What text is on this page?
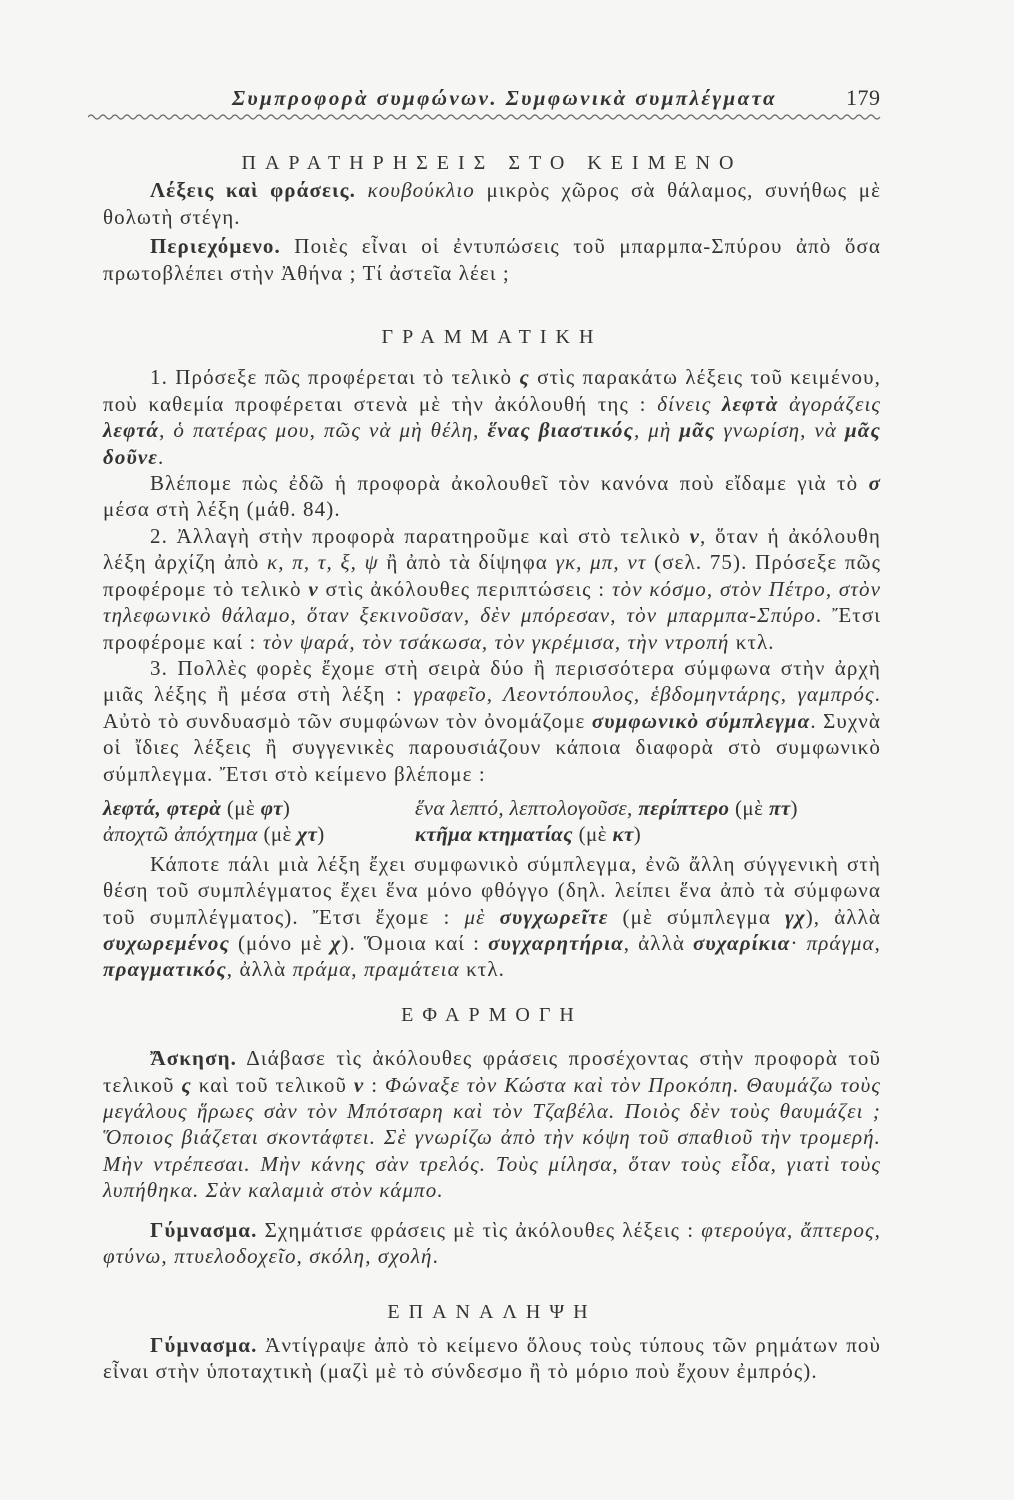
Συμπροφορὰ συμφώνων. Συμφωνικὰ συμπλέγματα	179
ΠΑΡΑΤΗΡΗΣΕΙΣ ΣΤΟ ΚΕΙΜΕΝΟ

Λέξεις καὶ φράσεις. κουβούκλιο μικρὸς χῶρος σὰ θάλαμος, συνήθως μὲ θολωτὴ στέγη.

Περιεχόμενο. Ποιὲς εἶναι οἱ ἐντυπώσεις τοῦ μπαρμπα-Σπύρου ἀπὸ ὅσα πρωτοβλέπει στὴν Ἀθήνα ; Τί ἀστεῖα λέει ;

ΓΡΑΜΜΑΤΙΚΗ

1. Πρόσεξε πῶς προφέρεται τὸ τελικὸ ς στὶς παρακάτω λέξεις τοῦ κειμένου, ποὺ καθεμία προφέρεται στενὰ μὲ τὴν ἀκόλουθή της : δίνεις λεφτὰ ἀγοράζεις λεφτά, ὁ πατέρας μου, πῶς νὰ μὴ θέλη, ἕνας βιαστικός, μὴ μᾶς γνωρίση, νὰ μᾶς δοῦνε.

Βλέπομε πὼς ἐδῶ ἡ προφορὰ ἀκολουθεῖ τὸν κανόνα ποὺ εἴδαμε γιὰ τὸ σ μέσα στὴ λέξη (μάθ. 84).

2. Ἀλλαγὴ στὴν προφορὰ παρατηροῦμε καὶ στὸ τελικὸ ν, ὅταν ἡ ἀκόλουθη λέξη ἀρχίζη ἀπὸ κ, π, τ, ξ, ψ ἢ ἀπὸ τὰ δίψηφα γκ, μπ, ντ (σελ. 75). Πρόσεξε πῶς προφέρομε τὸ τελικὸ ν στὶς ἀκόλουθες περιπτώσεις : τὸν κόσμο, στὸν Πέτρο, στὸν τηλεφωνικὸ θάλαμο, ὅταν ξεκινοῦσαν, δὲν μπόρεσαν, τὸν μπαρμπα-Σπύρο. Ἔτσι προφέρομε καί : τὸν ψαρά, τὸν τσάκωσα, τὸν γκρέμισα, τὴν ντροπή κτλ.

3. Πολλὲς φορὲς ἔχομε στὴ σειρὰ δύο ἢ περισσότερα σύμφωνα στὴν ἀρχὴ μιᾶς λέξης ἢ μέσα στὴ λέξη : γραφεῖο, Λεοντόπουλος, ἑβδομηντάρης, γαμπρός. Αὐτὸ τὸ συνδυασμὸ τῶν συμφώνων τὸν ὀνομάζομε συμφωνικὸ σύμπλεγμα. Συχνὰ οἱ ἴδιες λέξεις ἢ συγγενικὲς παρουσιάζουν κάποια διαφορὰ στὸ συμφωνικὸ σύμπλεγμα. Ἔτσι στὸ κείμενο βλέπομε :

λεφτά, φτερὰ (μὲ φτ)	ἕνα λεπτό, λεπτολογοῦσε, περίπτερο (μὲ πτ)
ἀποχτῶ ἀπόχτημα (μὲ χτ)	κτῆμα κτηματίας (μὲ κτ)

Κάποτε πάλι μιὰ λέξη ἔχει συμφωνικὸ σύμπλεγμα, ἐνῶ ἄλλη σύγγενικὴ στὴ θέση τοῦ συμπλέγματος ἔχει ἕνα μόνο φθόγγο (δηλ. λείπει ἕνα ἀπὸ τὰ σύμφωνα τοῦ συμπλέγματος). Ἔτσι ἔχομε : μὲ συγχωρεῖτε (μὲ σύμπλεγμα γχ), ἀλλὰ συχωρεμένος (μόνο μὲ χ). Ὅμοια καί : συγχαρητήρια, ἀλλὰ συχαρίκια· πράγμα, πραγματικός, ἀλλὰ πράμα, πραμάτεια κτλ.

ΕΦΑΡΜΟΓΗ

Ἄσκηση. Διάβασε τὶς ἀκόλουθες φράσεις προσέχοντας στὴν προφορὰ τοῦ τελικοῦ ς καὶ τοῦ τελικοῦ ν : Φώναξε τὸν Κώστα καὶ τὸν Προκόπη. Θαυμάζω τοὺς μεγάλους ἥρωες σὰν τὸν Μπότσαρη καὶ τὸν Τζαβέλα. Ποιὸς δὲν τοὺς θαυμάζει ; Ὅποιος βιάζεται σκοντάφτει. Σὲ γνωρίζω ἀπὸ τὴν κόψη τοῦ σπαθιοῦ τὴν τρομερή. Μὴν ντρέπεσαι. Μὴν κάνης σὰν τρελός. Τοὺς μίλησα, ὅταν τοὺς εἶδα, γιατὶ τοὺς λυπήθηκα. Σὰν καλαμιὰ στὸν κάμπο.

Γύμνασμα. Σχημάτισε φράσεις μὲ τὶς ἀκόλουθες λέξεις : φτερούγα, ἄπτερος, φτύνω, πτυελοδοχεῖο, σκόλη, σχολή.

ΕΠΑΝΑΛΗΨΗ

Γύμνασμα. Ἀντίγραψε ἀπὸ τὸ κείμενο ὅλους τοὺς τύπους τῶν ρημάτων ποὺ εἶναι στὴν ὑποταχτικὴ (μαζὶ μὲ τὸ σύνδεσμο ἢ τὸ μόριο ποὺ ἔχουν ἐμπρός).
